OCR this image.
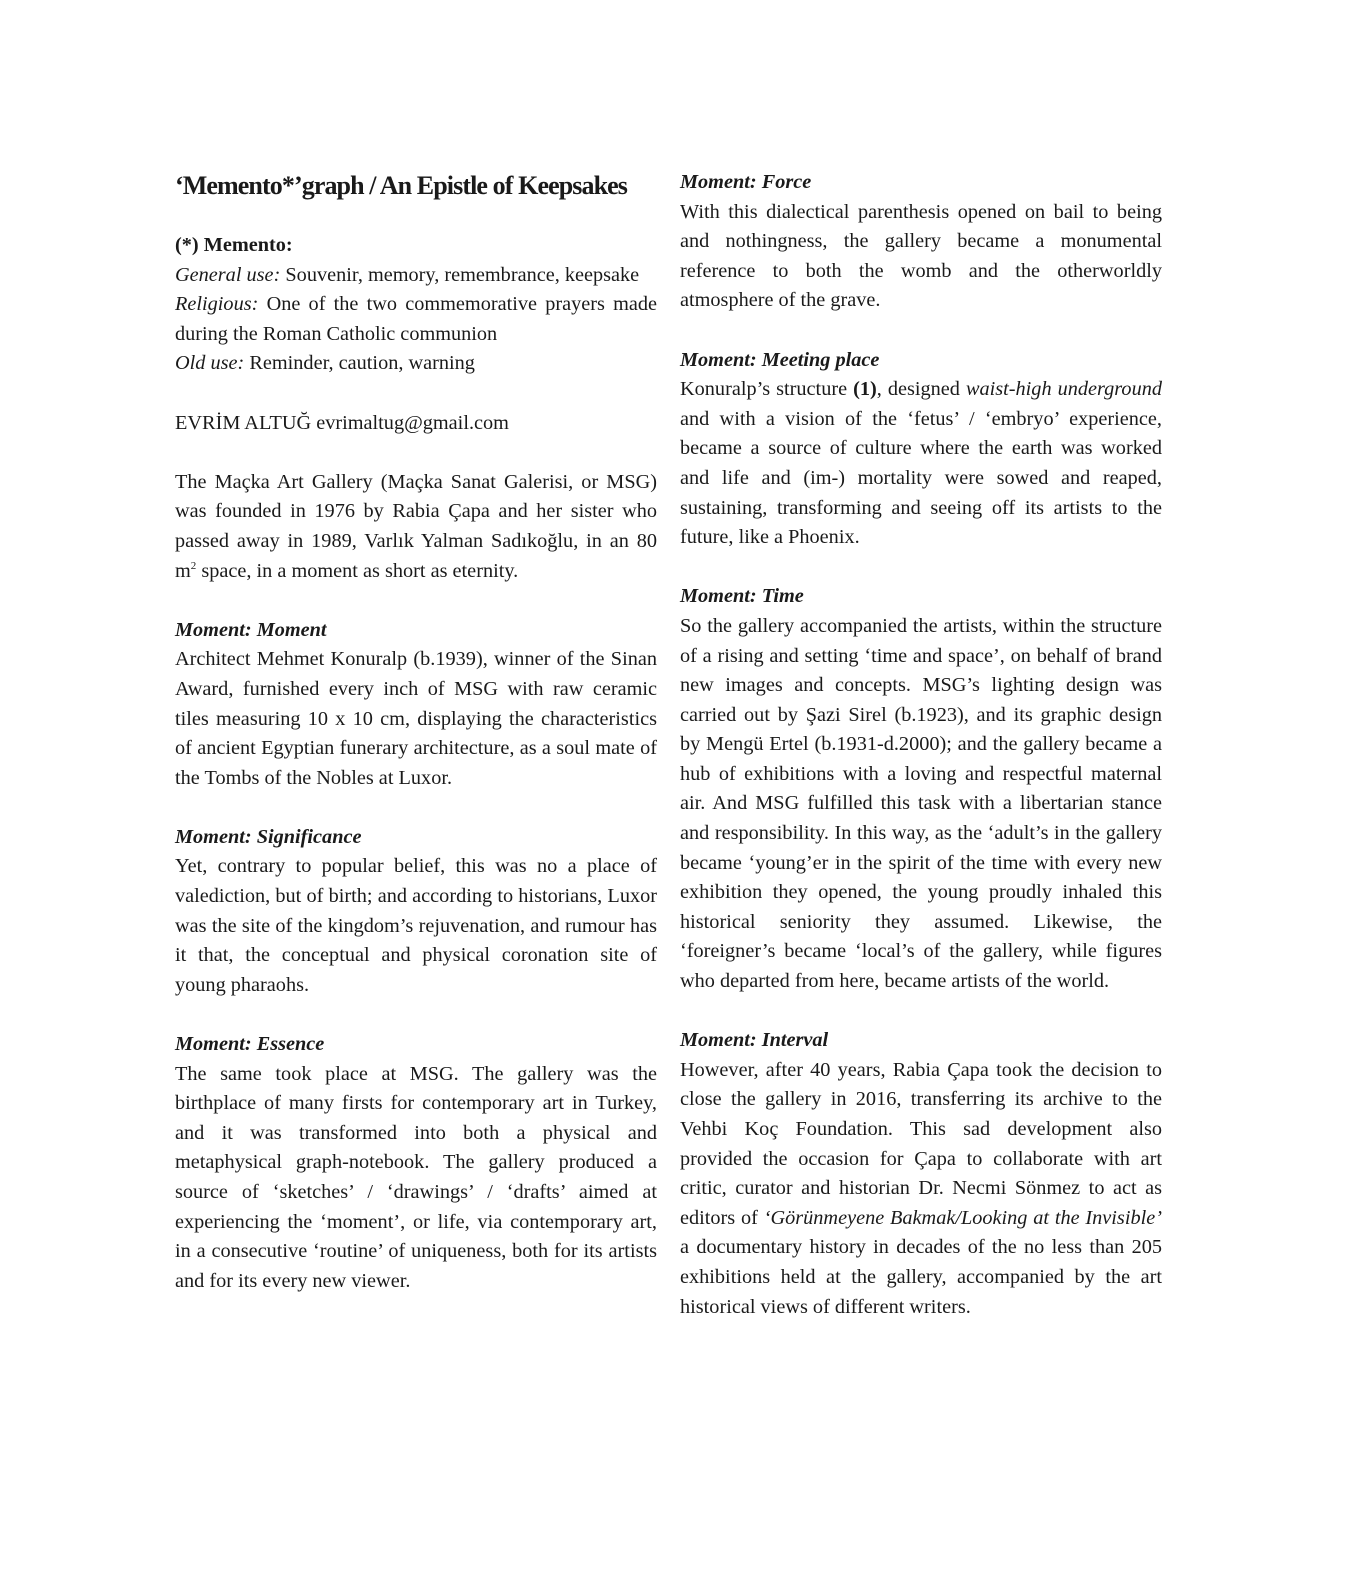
‘Memento*’graph / An Epistle of Keepsakes
(*) Memento:

General use: Souvenir, memory, remembrance, keepsake

Religious: One of the two commemorative prayers made during the Roman Catholic communion

Old use: Reminder, caution, warning

EVRİM ALTUĞ evrimaltug@gmail.com

The Maçka Art Gallery (Maçka Sanat Galerisi, or MSG) was founded in 1976 by Rabia Çapa and her sister who passed away in 1989, Varlık Yalman Sadıkoğlu, in an 80 $m^2$ space, in a moment as short as eternity.

Moment: Moment

Architect Mehmet Konuralp (b.1939), winner of the Sinan Award, furnished every inch of MSG with raw ceramic tiles measuring 10 x 10 cm, displaying the characteristics of ancient Egyptian funerary architecture, as a soul mate of the Tombs of the Nobles at Luxor.

Moment: Significance

Yet, contrary to popular belief, this was no a place of valediction, but of birth; and according to historians, Luxor was the site of the kingdom’s rejuvenation, and rumour has it that, the conceptual and physical coronation site of young pharaohs.

Moment: Essence

The same took place at MSG. The gallery was the birthplace of many firsts for contemporary art in Turkey, and it was transformed into both a physical and metaphysical graph-notebook. The gallery produced a source of ‘sketches’ / ‘drawings’ / ‘drafts’ aimed at experiencing the ‘moment’, or life, via contemporary art, in a consecutive ‘routine’ of uniqueness, both for its artists and for its every new viewer.

Moment: Force

With this dialectical parenthesis opened on bail to being and nothingness, the gallery became a monumental reference to both the womb and the otherworldly atmosphere of the grave.

Moment: Meeting place

Konuralp’s structure (1), designed waist-high underground and with a vision of the ‘fetus’ / ‘embryo’ experience, became a source of culture where the earth was worked and life and (im-) mortality were sowed and reaped, sustaining, transforming and seeing off its artists to the future, like a Phoenix.

Moment: Time

So the gallery accompanied the artists, within the structure of a rising and setting ‘time and space’, on behalf of brand new images and concepts. MSG’s lighting design was carried out by Şazi Sirel (b.1923), and its graphic design by Mengü Ertel (b.1931-d.2000); and the gallery became a hub of exhibitions with a loving and respectful maternal air. And MSG fulfilled this task with a libertarian stance and responsibility. In this way, as the ‘adult’s in the gallery became ‘young’er in the spirit of the time with every new exhibition they opened, the young proudly inhaled this historical seniority they assumed. Likewise, the ‘foreigner’s became ‘local’s of the gallery, while figures who departed from here, became artists of the world.

Moment: Interval

However, after 40 years, Rabia Çapa took the decision to close the gallery in 2016, transferring its archive to the Vehbi Koç Foundation. This sad development also provided the occasion for Çapa to collaborate with art critic, curator and historian Dr. Necmi Sönmez to act as editors of ‘Görünmeyene Bakmak/Looking at the Invisible’ a documentary history in decades of the no less than 205 exhibitions held at the gallery, accompanied by the art historical views of different writers.
